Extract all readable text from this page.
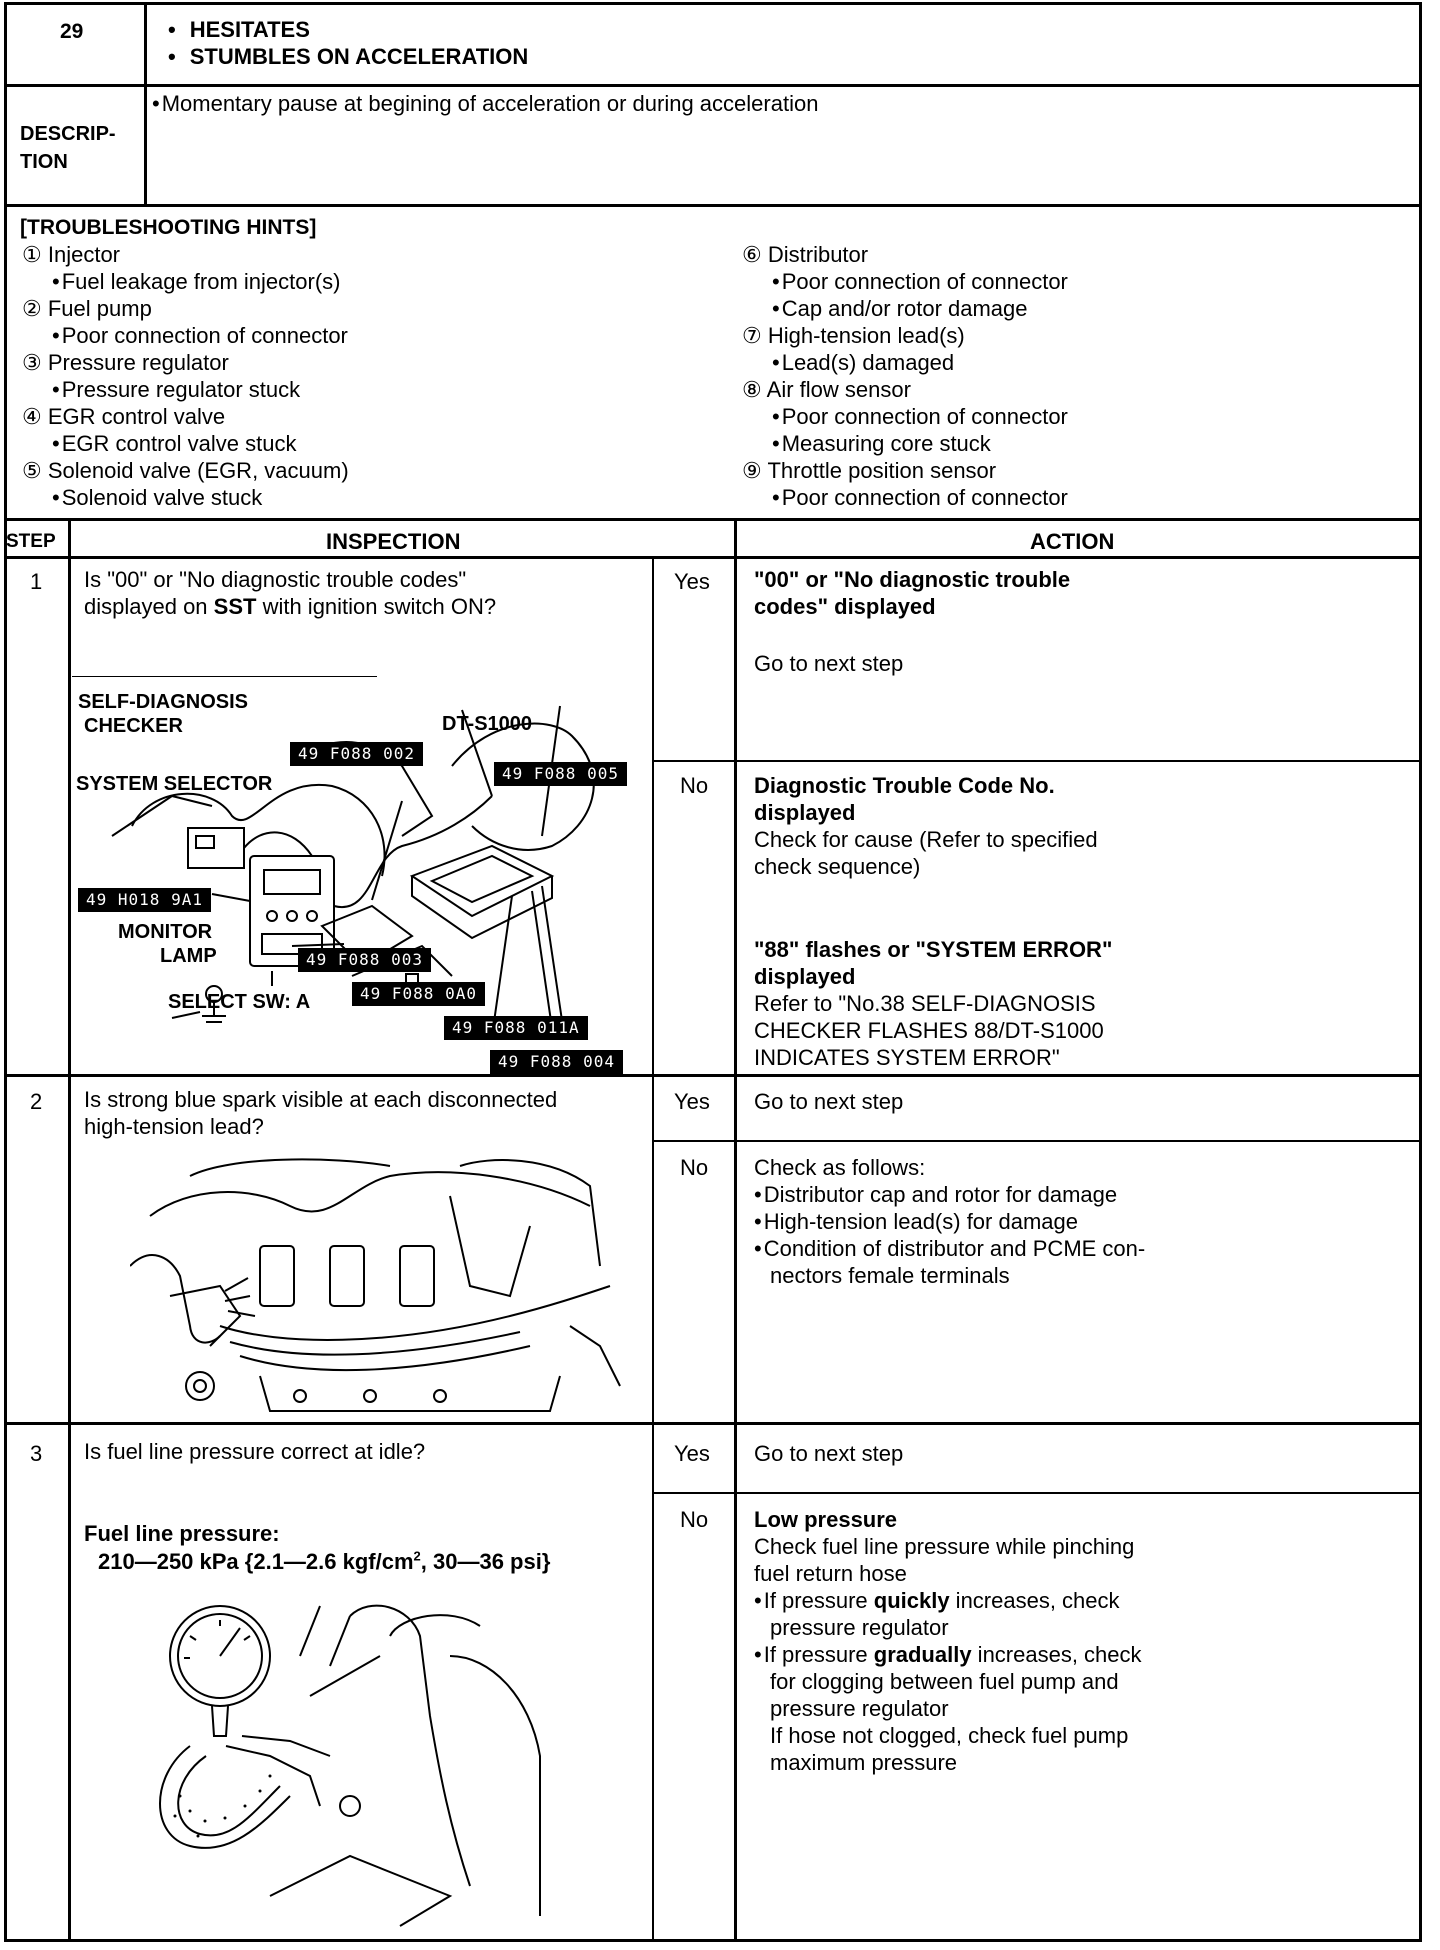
29
•	HESITATES
• STUMBLES ON ACCELERATION
DESCRIP-
TION
• Momentary pause at begining of acceleration or during acceleration
[TROUBLESHOOTING HINTS]
① Injector
• Fuel leakage from injector(s)
② Fuel pump
• Poor connection of connector
③ Pressure regulator
• Pressure regulator stuck
④ EGR control valve
• EGR control valve stuck
⑤ Solenoid valve (EGR, vacuum)
• Solenoid valve stuck
⑥ Distributor
• Poor connection of connector
• Cap and/or rotor damage
⑦ High-tension lead(s)
• Lead(s) damaged
⑧ Air flow sensor
• Poor connection of connector
• Measuring core stuck
⑨ Throttle position sensor
• Poor connection of connector
STEP	INSPECTION	ACTION
1 Is "00" or "No diagnostic trouble codes"
displayed on SST with ignition switch ON?
SELF-DIAGNOSIS
CHECKER	DT-S1000
SYSTEM SELECTOR
MONITOR
LAMP
SELECT SW: A
49 F088 002
49 F088 005
49 H018 9A1
49 F088 003
49 F088 0A0
49 F088 011A
49 F088 004
Yes "00" or "No diagnostic trouble
codes" displayed
Go to next step
No Diagnostic Trouble Code No.
displayed
Check for cause (Refer to specified
check sequence)
"88" flashes or "SYSTEM ERROR"
displayed
Refer to "No.38 SELF-DIAGNOSIS
CHECKER FLASHES 88/DT-S1000
INDICATES SYSTEM ERROR"
2 Is strong blue spark visible at each disconnected
high-tension lead?
Yes Go to next step
No Check as follows:
• Distributor cap and rotor for damage
• High-tension lead(s) for damage
• Condition of distributor and PCME con-
nectors female terminals
3 Is fuel line pressure correct at idle?
Fuel line pressure:
210—250 kPa {2.1—2.6 kgf/$cm^2$, 30—36 psi}
Yes Go to next step
No Low pressure
Check fuel line pressure while pinching
fuel return hose
• If pressure quickly increases, check
pressure regulator
• If pressure gradually increases, check
for clogging between fuel pump and
pressure regulator
If hose not clogged, check fuel pump
maximum pressure
